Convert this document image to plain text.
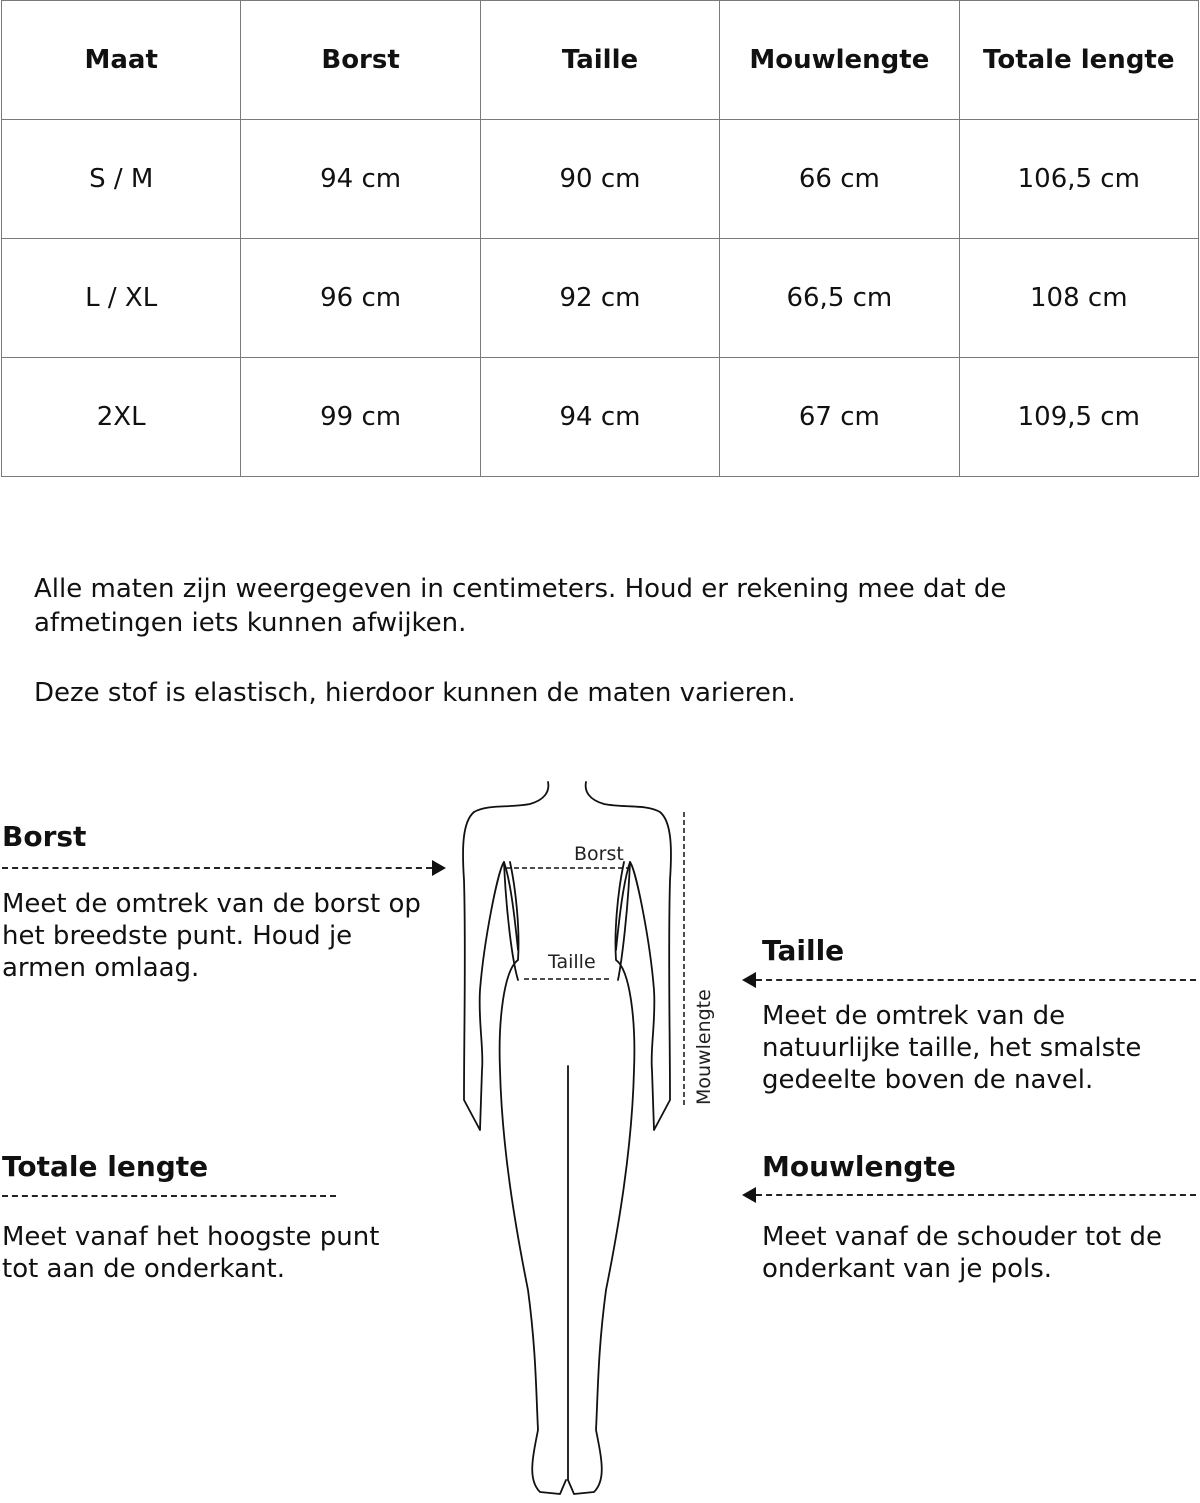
Maat	Borst	Taille	Mouwlengte	Totale lengte
S / M	94 cm	90 cm	66 cm	106,5 cm
L / XL	96 cm	92 cm	66,5 cm	108 cm
2XL	99 cm	94 cm	67 cm	109,5 cm
Alle maten zijn weergegeven in centimeters. Houd er rekening mee dat de afmetingen iets kunnen afwijken.
Deze stof is elastisch, hierdoor kunnen de maten varieren.
Borst
Meet de omtrek van de borst op het breedste punt. Houd je armen omlaag.
Taille
Meet de omtrek van de natuurlijke taille, het smalste gedeelte boven de navel.
Totale lengte
Meet vanaf het hoogste punt tot aan de onderkant.
Mouwlengte
Meet vanaf de schouder tot de onderkant van je pols.
Borst
Taille
Mouwlengte
